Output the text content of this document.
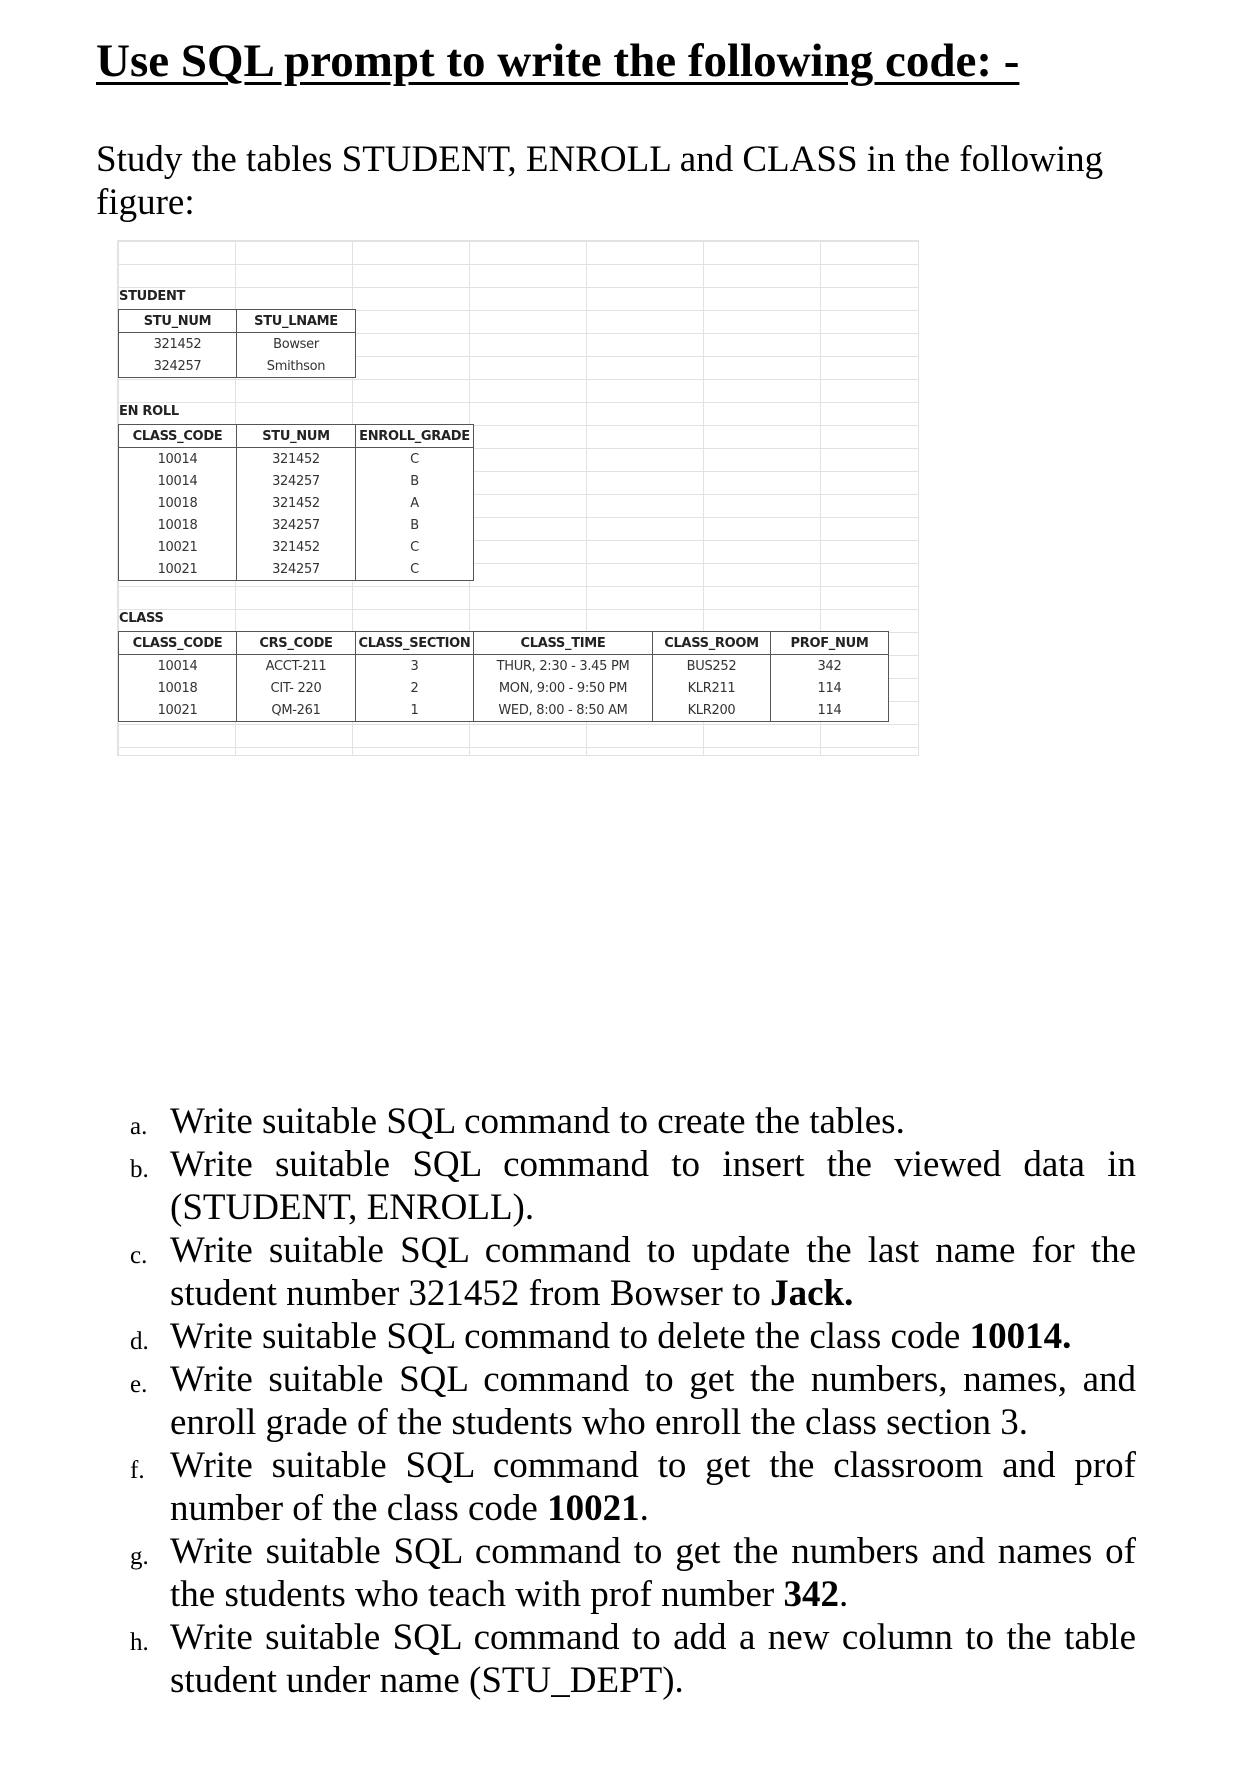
Use SQL prompt to write the following code: -

Study the tables STUDENT, ENROLL and CLASS in the following figure:

STUDENT
STU_NUM	STU_LNAME
321452	Bowser
324257	Smithson
EN ROLL
CLASS_CODE	STU_NUM	ENROLL_GRADE
10014	321452	C
10014	324257	B
10018	321452	A
10018	324257	B
10021	321452	C
10021	324257	C
CLASS
CLASS_CODE	CRS_CODE	CLASS_SECTION	CLASS_TIME	CLASS_ROOM	PROF_NUM
10014	ACCT-211	3	THUR, 2:30 - 3.45 PM	BUS252	342
10018	CIT- 220	2	MON, 9:00 - 9:50 PM	KLR211	114
10021	QM-261	1	WED, 8:00 - 8:50 AM	KLR200	114
a. Write suitable SQL command to create the tables.
b. Write suitable SQL command to insert the viewed data in (STUDENT, ENROLL).
c. Write suitable SQL command to update the last name for the student number 321452 from Bowser to Jack.
d. Write suitable SQL command to delete the class code 10014.
e. Write suitable SQL command to get the numbers, names, and enroll grade of the students who enroll the class section 3.
f. Write suitable SQL command to get the classroom and prof number of the class code 10021.
g. Write suitable SQL command to get the numbers and names of the students who teach with prof number 342.
h. Write suitable SQL command to add a new column to the table student under name (STU_DEPT).
